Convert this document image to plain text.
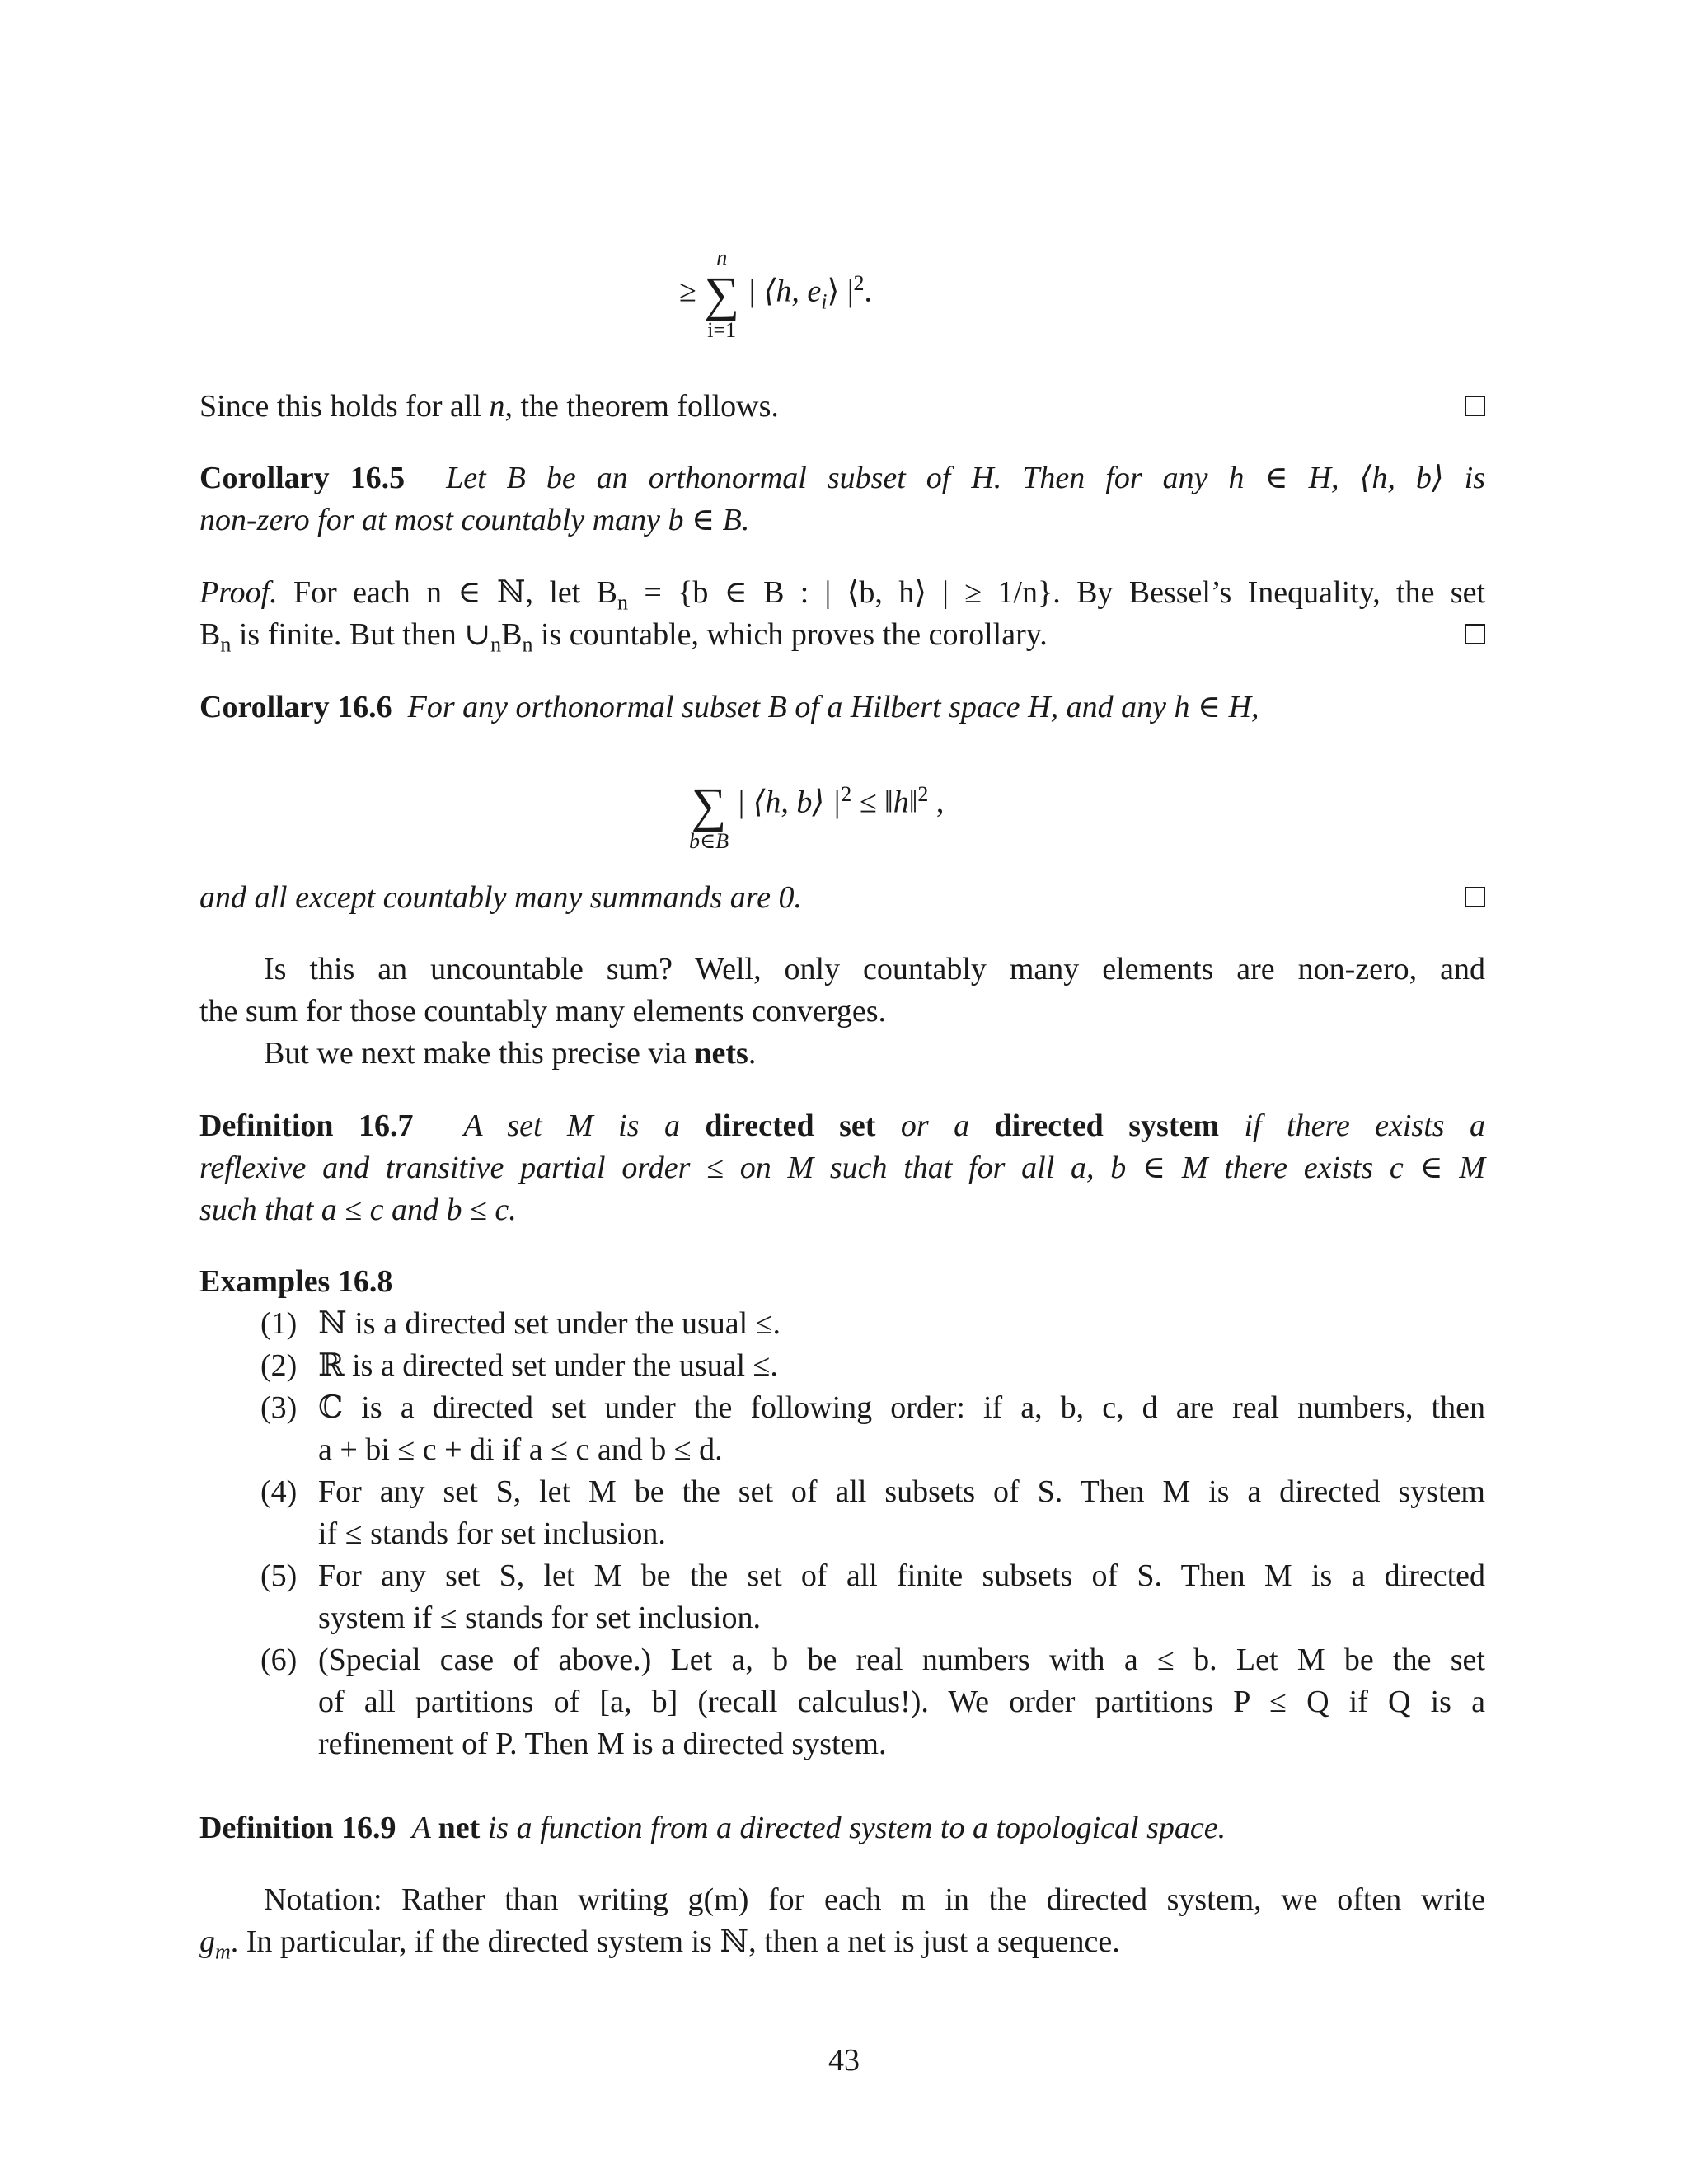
≥
n
∑
i=1
| ⟨h, $e_i⟩$ $|^2$.
Since this holds for all n, the theorem follows.
Corollary 16.5 Let B be an orthonormal subset of H. Then for any h ∈ H, ⟨h, b⟩ is
non-zero for at most countably many b ∈ B.
Proof. For each n ∈ ℕ, let $B_n = \{b$ ∈ B : | ⟨b, h⟩ | ≥ 1/n}. By Bessel’s Inequality, the set
$B_n$ is finite. But then $\cup_nB_n$ is countable, which proves the corollary.
Corollary 16.6 For any orthonormal subset B of a Hilbert space H, and any h ∈ H,

∑
b∈B
| ⟨h, b⟩ $|^2$ ≤ ‖h‖$^2$ ,
and all except countably many summands are 0.
Is this an uncountable sum? Well, only countably many elements are non-zero, and
the sum for those countably many elements converges.
But we next make this precise via nets.
Definition 16.7 A set M is a directed set or a directed system if there exists a
reflexive and transitive partial order ≤ on M such that for all a, b ∈ M there exists c ∈ M
such that a ≤ c and b ≤ c.
Examples 16.8
(1) ℕ is a directed set under the usual ≤.
(2) ℝ is a directed set under the usual ≤.
(3) ℂ is a directed set under the following order: if a, b, c, d are real numbers, then
a + bi ≤ c + di if a ≤ c and b ≤ d.
(4) For any set S, let M be the set of all subsets of S. Then M is a directed system
if ≤ stands for set inclusion.
(5) For any set S, let M be the set of all finite subsets of S. Then M is a directed
system if ≤ stands for set inclusion.
(6) (Special case of above.) Let a, b be real numbers with a ≤ b. Let M be the set
of all partitions of [a, b] (recall calculus!). We order partitions P ≤ Q if Q is a
refinement of P. Then M is a directed system.
Definition 16.9 A net is a function from a directed system to a topological space.
Notation: Rather than writing g(m) for each m in the directed system, we often write
$g_m$. In particular, if the directed system is ℕ, then a net is just a sequence.
43
